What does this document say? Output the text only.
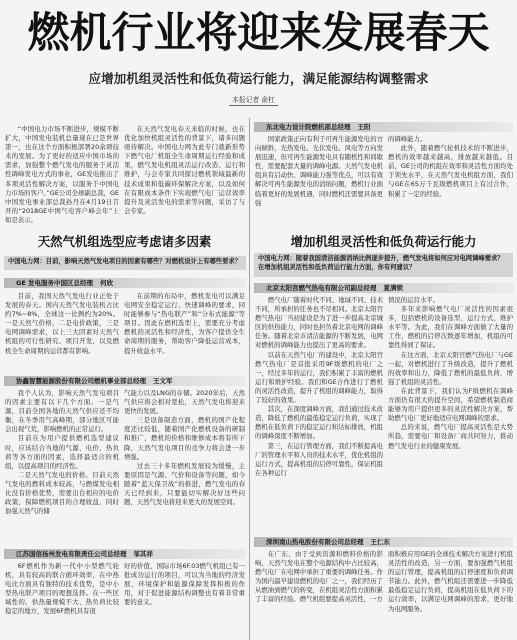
燃机行业将迎来发展春天
应增加机组灵活性和低负荷运行能力，满足能源结构调整需求
本报记者 俞杠

“中国电力市场不断进步，规模不断扩大，中国发电装机总量现在已是世界第一，也在这个方面积极部署20余项技术的发展。为了更好的适应中国市场的需求，加强整个燃气发电的服务于灵活性调峰发电方式的事业，GE发电推出了多项灵活性解决方案，以服务于中国电力市场的客户。”GE公司全球副总裁，GE中国发电事业部总裁孙丹在4月19日召开的“2018GE中国气电客户峰会年”上如是表示。

在天然气发电春天来临的时候，也在优化加快机组灵活性的背景下，诸多问题亟待解决。中国电力网为此专门就新形势下燃气电厂机组全生命周期运行经验和成果，燃气发电机组灵活运行改造、运行和维护，与会专家共同探讨燃机领域最新的技术成果和低碳环保解决方案，以及如何在有限成本条件下实现燃气电厂运营效率提升及灵活发电的需求等问题，采访了与会专家。

天然气机组选型应考虑诸多因素
中国电力网：目前，影响天然气发电项目的因素有哪些？对燃机设计上有哪些要求？
GE 发电服务中国区总经理 何欣

目前，我国天然气发电行业正处于发展的春天。国内天然气发电装机占比约7%~8%，全球这一比例约为20%。一是天然气价格，二是电价政策，三是电网调峰需求，以上三大因素对天然气机组的可行性研究、项目开发，以及燃机全生命周期的运营都有影响。

在前期的布局中，燃机发电可以满足电网安全稳定运行、快速调峰的要求，同时能够参与“热电联产”和“分布式能源”等项目。因此在燃机选型上，需要充分考虑燃机的灵活性和经济性，为客户提供全生命周期的服务，帮助客户降低运营成本，提升收益水平。

协鑫智慧能源股份有限公司燃机事业部总经理 王文军

我个人认为，影响天然气发电项目的因素主要有以下几个方面。一是气源，目前全国各地的天然气供应还不均衡，在冬季用气高峰期，部分地区可能会出现气荒，影响燃机的正常运行。

目前在为用户提供燃机选型建议时，应该结合当地的气源、电价、热负荷等各方面的因素，选择最适合的机组，以提高项目的经济性。

二是天然气发电的价格。目前天然气发电的燃料成本较高，与燃煤发电相比没有价格优势，需要出台相应的电价政策，保障燃机项目的合理收益，同时加强天然气的储

气能力以及LNG的存储。2020年后，天然气供应将会相对宽松，天然气发电将迎来更快的发展。

三是设备制造方面，燃机的国产化程度还比较低，随着国产化燃机设备的研制和推广，燃机的价格和维修成本将有所下降，天然气发电项目的竞争力将会进一步增强。

过去三十多年燃机发展较为缓慢，主要原因是气源、气价和设备等问题，如今随着“蓝天保卫战”的推进，燃气发电的春天已经到来，只要能切实解决好这些问题，天然气发电将迎来更大的发展空间。

江苏国信扬州发电有限责任公司总经理 邹其祥

6F燃机作为新一代中小型燃气轮机，具有较高的联合循环效率，在中热电比方面具有独特的技术优势，是中小型热电联产项目的理想选择。在一些区域性的、供热量规模不大、热负荷比较稳定的地方，发展6F燃机具有很

好的价值，国际市场6F.03燃气机组已有一批成功运行的项目，可以为当地的经济发展、环境保护和能源保障发挥积极的作用，对于促进能源结构调整也有着非常重要的意义。

东北电力设计院燃机部总经理 王阳

国家政策正向有利于可再生能源发电的方向倾斜，光热发电、光伏发电、风电等方向发展迅速，但可再生能源发电具有随机性和间歇性，需要配套大量的调峰电源。天然气发电机组具有启动快、调峰能力强等优点，可以有效解决可再生能源发电的消纳问题，燃机行业面临着更好的发展机遇，同时燃机还需要具备更强

的调峰能力。

此外，随着燃气轮机技术的不断进步，燃机的效率越来越高，排放越来越低。目前，GE公司的机组在效率和灵活性方面均处于领先水平，在天然气发电机组方面，我们与GE在65万千瓦级燃机项目上有过合作，积累了一定的经验。

增加机组灵活性和低负荷运行能力
中国电力网：随着我国清洁能源消纳比例逐步提升，燃气发电将如何应对电网调峰需求？在增加机组灵活性和低负荷运行能力方面，你有何建议？
北京太阳宫燃气热电有限公司副总经理 夏满锁

燃气电厂随着时代不同、地域不同、技术不同，所承担的任务也不尽相同。北京太阳宫燃气热电厂当初建设是为了进一步提高北京城区的供热能力，同时也担负着北京电网的调峰任务。随着北京市清洁能源的不断发展，电网对燃机的调峰能力也提出了更高的要求。

以前在天然气电厂的建设中，北京太阳宫燃气热电厂是首批采用9F级燃机的电厂之一，经过多年的运行，我们积累了丰富的燃机运行和维护经验。我们和GE合作进行了燃机的灵活性改造，提升了机组的调峰能力，取得了较好的效果。

其次，在深度调峰方面，我们通过技术改造，降低了燃机的最低稳定运行负荷，实现了燃机在低负荷下的稳定运行和达标排放，机组的调峰深度不断增加。

第三，在运行管理方面，我们不断提高电厂的管理水平和人员的技术水平，优化机组的运行方式，提高机组的启停可靠性，保证机组在各种运行

情况的运营水平。

多年来影响燃气电厂灵活性的因素很多，包括燃机的设备选型、运行方式、维护水平等。为此，我们在调峰方面做了大量的工作，燃机的启停次数逐年增加，机组的可靠性得到了保证。

在这方面，北京太阳宫燃气热电厂与GE一起，对燃机进行了升级改造，提升了燃机的效率和出力，降低了燃机的最低负荷，增强了机组的灵活性。

在此背景下，我们认为F级燃机在调峰方面仍有很大的提升空间，希望燃机制造商能够为用户提供更多的灵活性解决方案，帮助燃气电厂更好地适应电网调峰的需求。

总的来说，燃气电厂提高灵活性是大势所趋，需要电厂和设备厂商共同努力，推动燃气发电行业的健康发展。

深圳南山热电股份有限公司总经理 王仁东

在广东，由于受到资源和燃料价格的影响，天然气发电在整个电源结构中占比较高，燃气电厂在电网中承担了重要的调峰任务。作为国内最早建设燃机的电厂之一，我们经历了从燃油到燃气的转变，在机组灵活性方面积累了丰富的经验。燃气机组要提高灵活性，一方

面积极应用GE的全球技术解决方案进行机组灵活性的改造，另一方面，要加强燃气机组的运行管理，提高机组的启停速度和负荷调节能力。此外，燃气机组还需要进一步降低最低稳定运行负荷，提高机组在低负荷下的运行效率，以满足电网调峰的需求，更好地为电网服务。
